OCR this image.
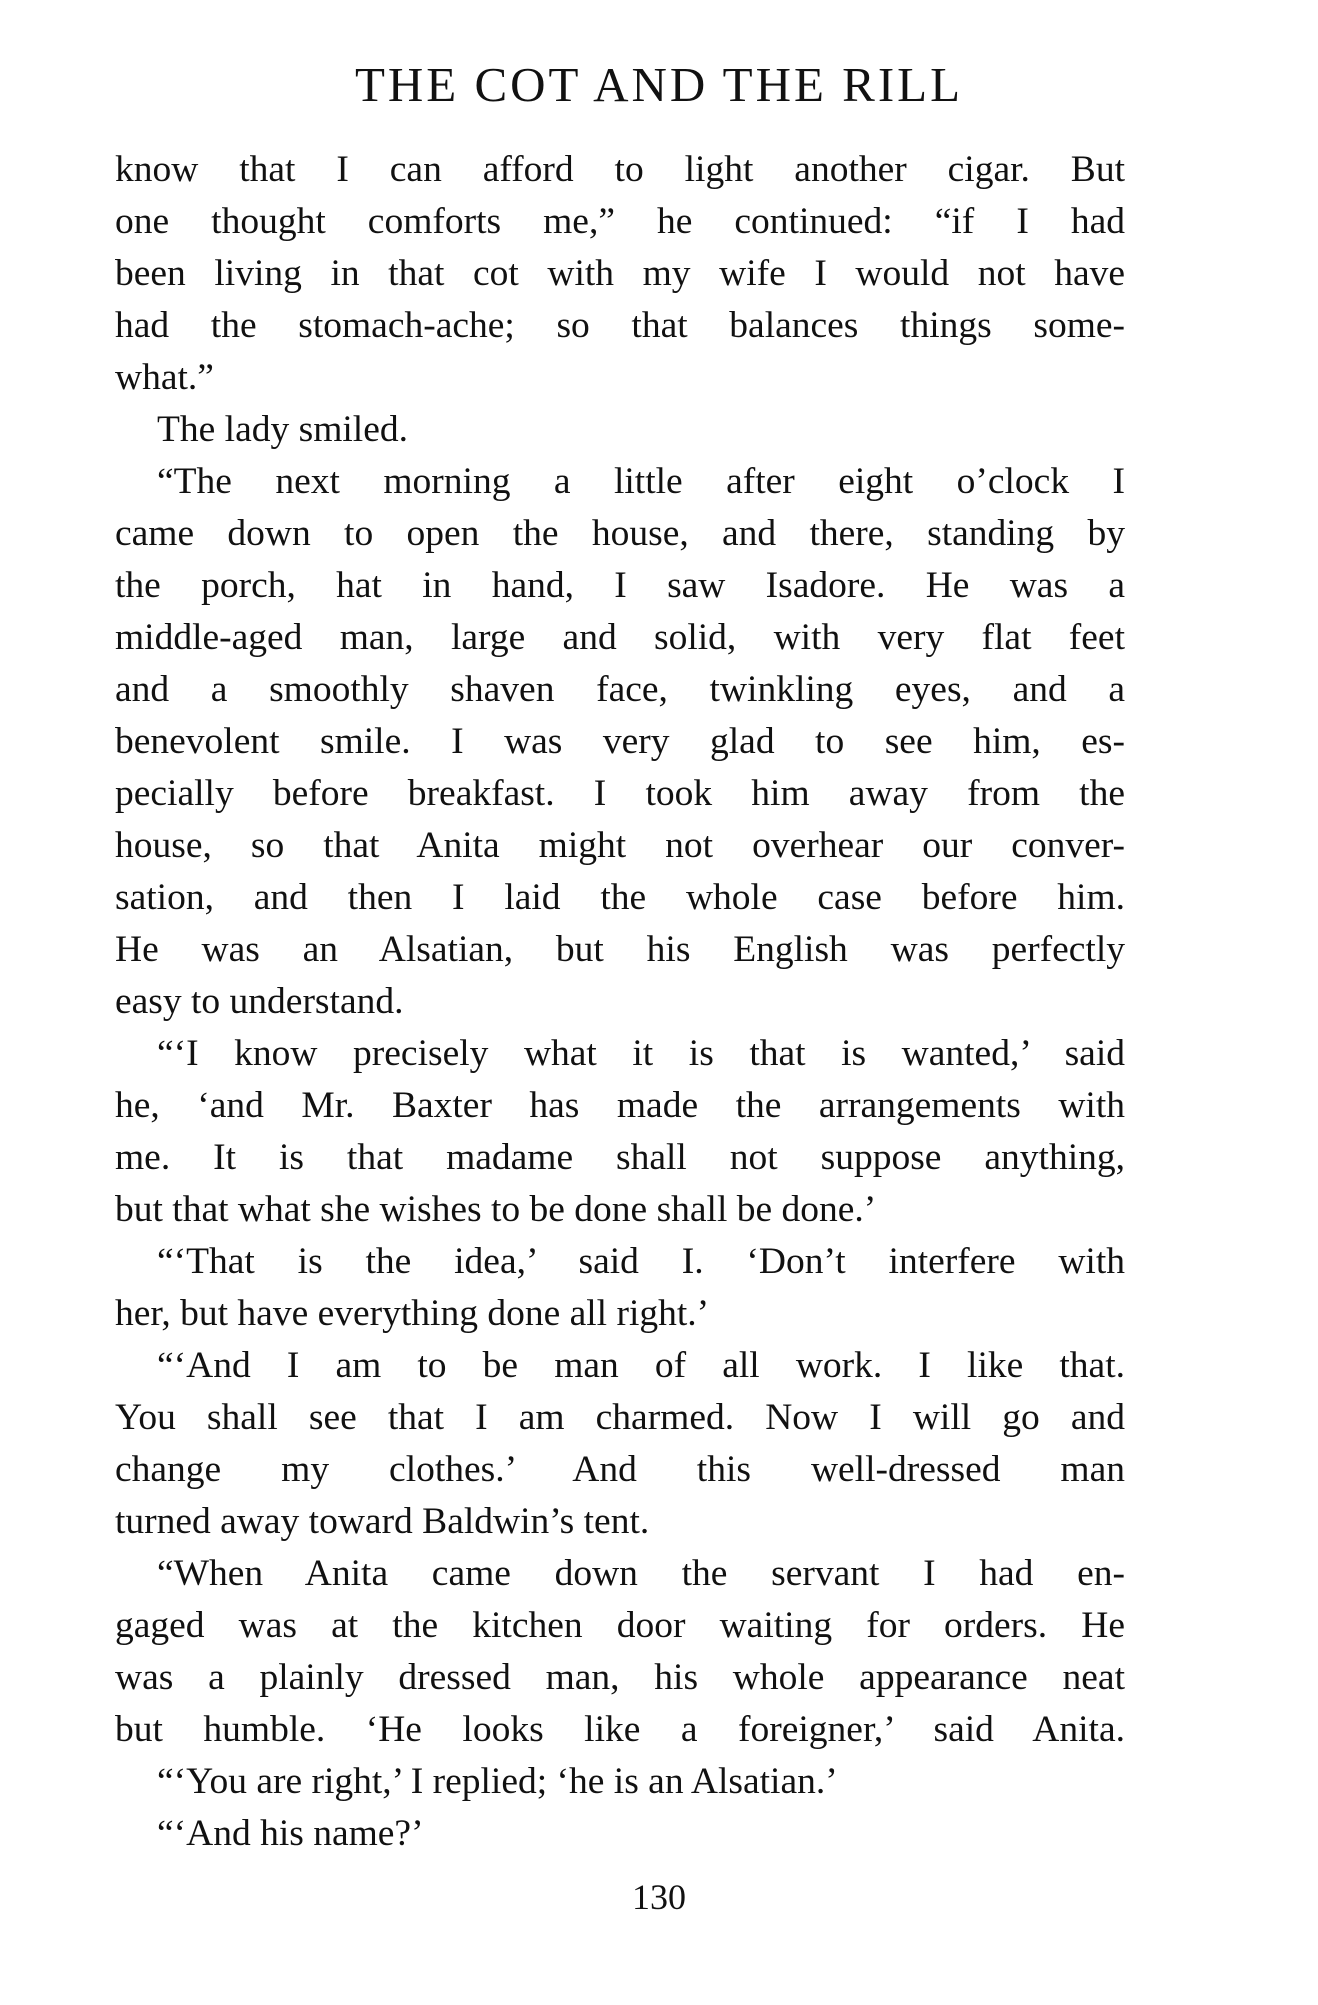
THE COT AND THE RILL
know that I can afford to light another cigar. But
one thought comforts me,” he continued: “if I had
been living in that cot with my wife I would not have
had the stomach-ache; so that balances things some-
what.”
The lady smiled.
“The next morning a little after eight o’clock I
came down to open the house, and there, standing by
the porch, hat in hand, I saw Isadore. He was a
middle-aged man, large and solid, with very flat feet
and a smoothly shaven face, twinkling eyes, and a
benevolent smile. I was very glad to see him, es-
pecially before breakfast. I took him away from the
house, so that Anita might not overhear our conver-
sation, and then I laid the whole case before him.
He was an Alsatian, but his English was perfectly
easy to understand.
“‘I know precisely what it is that is wanted,’ said
he, ‘and Mr. Baxter has made the arrangements with
me. It is that madame shall not suppose anything,
but that what she wishes to be done shall be done.’
“‘That is the idea,’ said I. ‘Don’t interfere with
her, but have everything done all right.’
“‘And I am to be man of all work. I like that.
You shall see that I am charmed. Now I will go and
change my clothes.’ And this well-dressed man
turned away toward Baldwin’s tent.
“When Anita came down the servant I had en-
gaged was at the kitchen door waiting for orders. He
was a plainly dressed man, his whole appearance neat
but humble. ‘He looks like a foreigner,’ said Anita.
“‘You are right,’ I replied; ‘he is an Alsatian.’
“‘And his name?’
130
